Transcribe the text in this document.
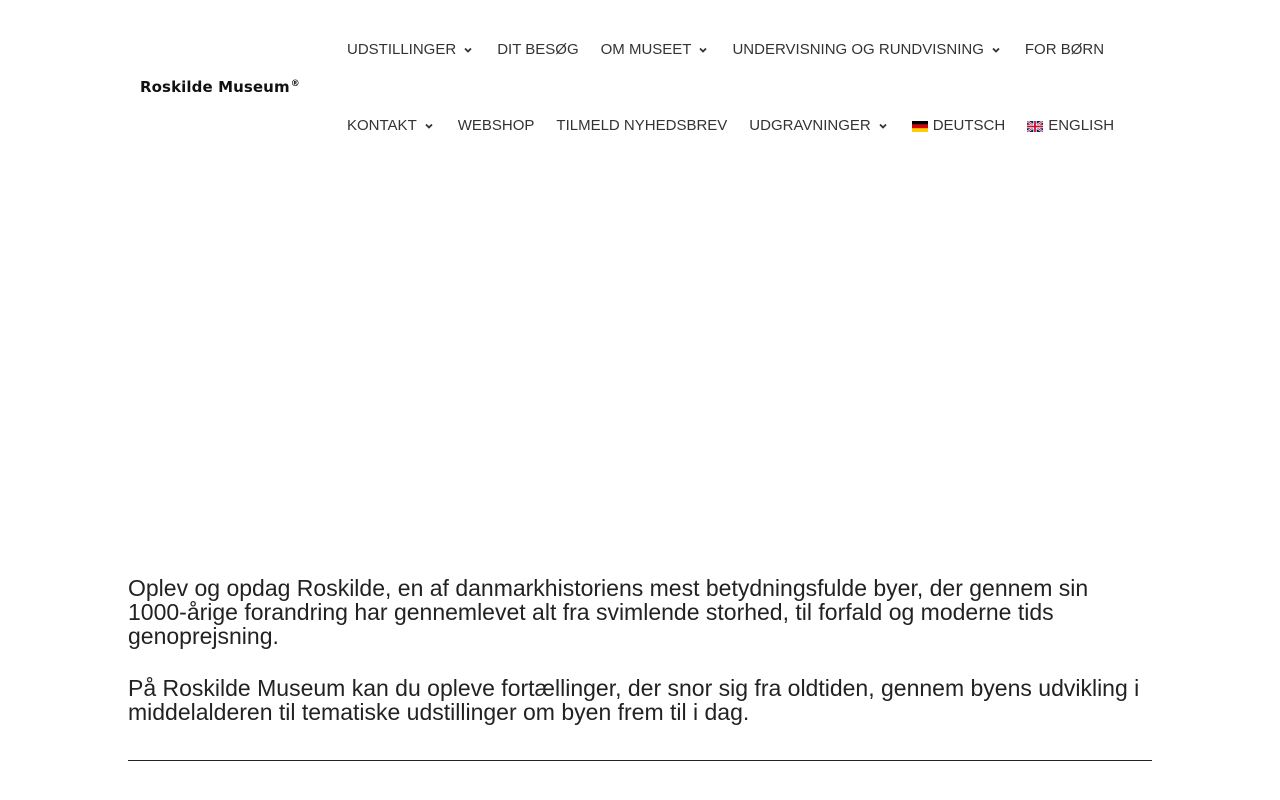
Roskilde Museum®
UDSTILLINGER	DIT BESØG OM MUSEET	UNDERVISNING OG RUNDVISNING	FOR BØRN
KONTAKT	WEBSHOP TILMELD NYHEDSBREV UDGRAVNINGER	DEUTSCH	ENGLISH

Oplev og opdag Roskilde, en af danmarkhistoriens mest betydningsfulde byer, der gennem sin 1000-årige forandring har gennemlevet alt fra svimlende storhed, til forfald og moderne tids genoprejsning.

På Roskilde Museum kan du opleve fortællinger, der snor sig fra oldtiden, gennem byens udvikling i middelalderen til tematiske udstillinger om byen frem til i dag.
